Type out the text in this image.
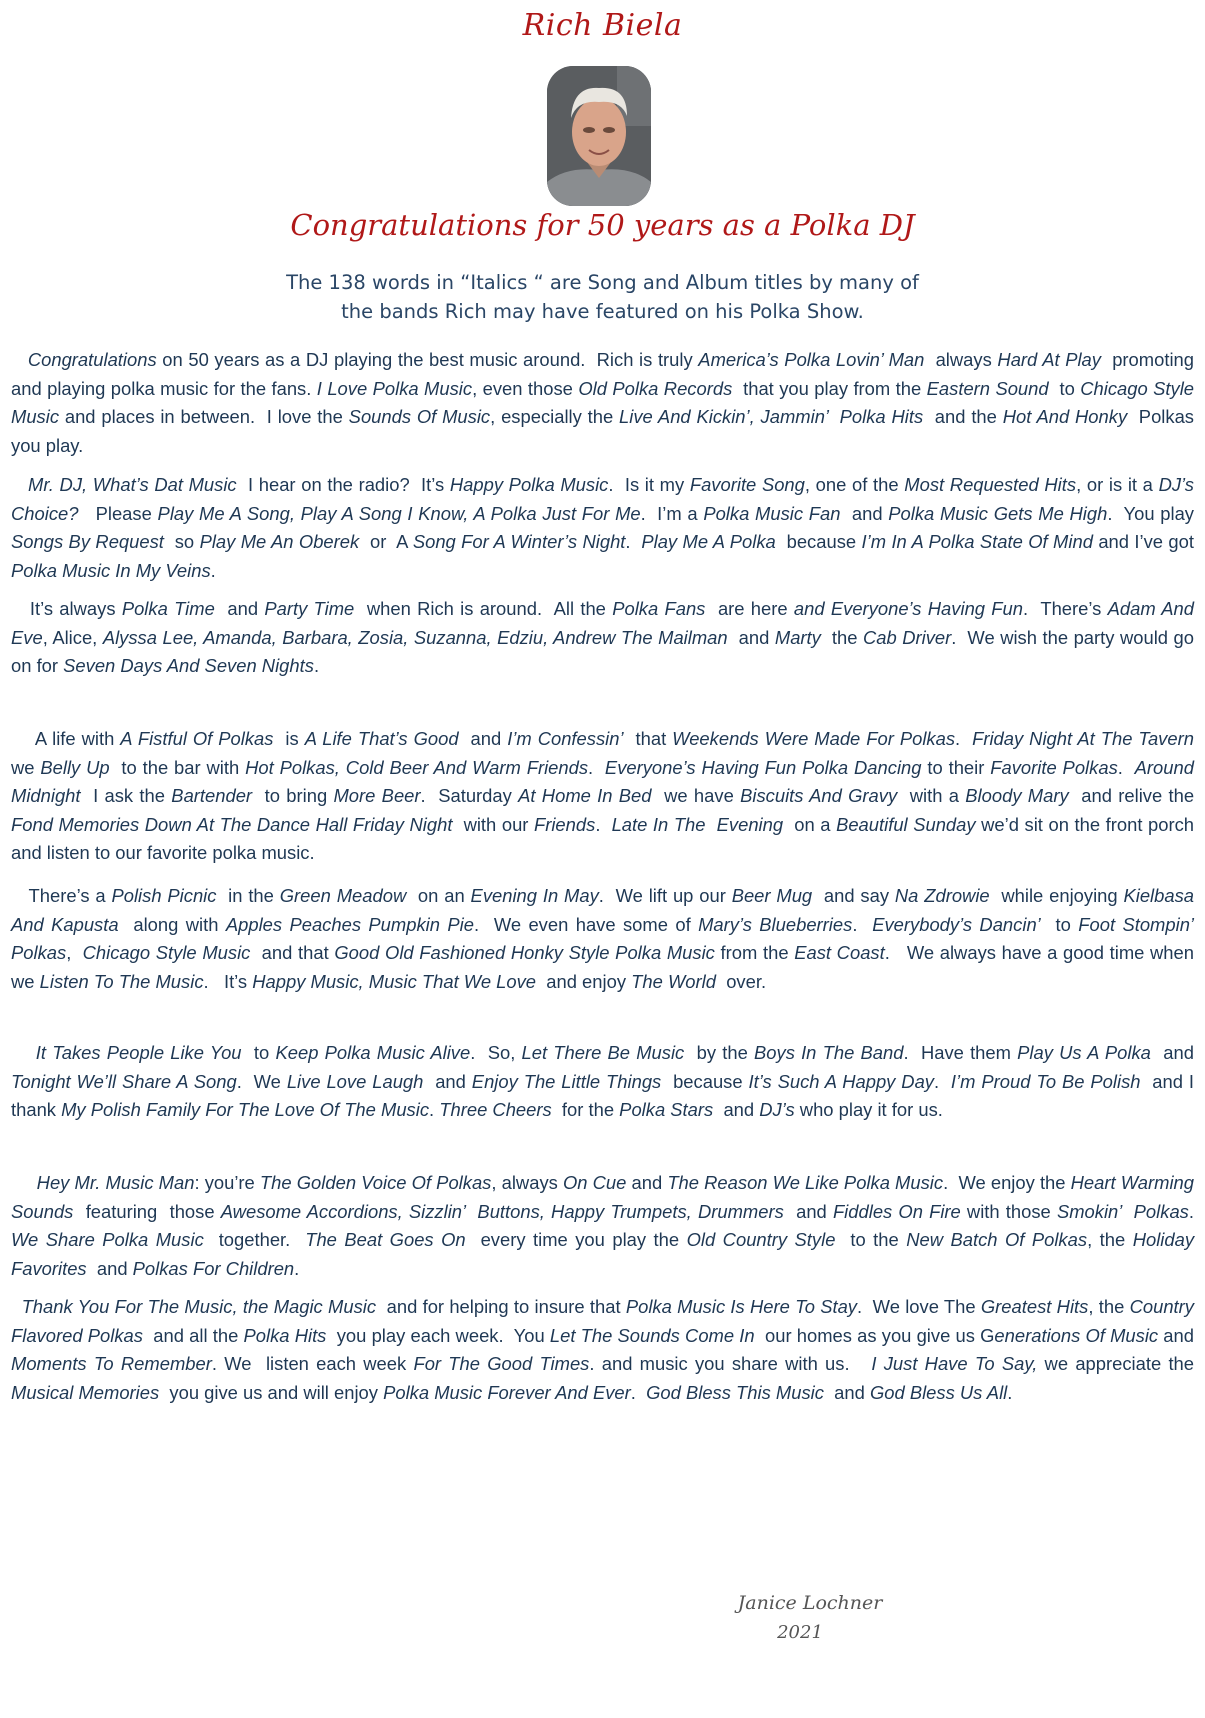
Rich Biela
Congratulations for 50 years as a Polka DJ
The 138 words in “Italics “ are Song and Album titles by many of
the bands Rich may have featured on his Polka Show.
Congratulations on 50 years as a DJ playing the best music around.  Rich is truly America’s Polka Lovin’ Man  always Hard At Play  promoting and playing polka music for the fans. I Love Polka Music, even those Old Polka Records  that you play from the Eastern Sound  to Chicago Style Music and places in between.  I love the Sounds Of Music, especially the Live And Kickin’, Jammin’  Polka Hits  and the Hot And Honky  Polkas  you play.
Mr. DJ, What’s Dat Music  I hear on the radio?  It’s Happy Polka Music.  Is it my Favorite Song, one of the Most Requested Hits, or is it a DJ’s Choice?   Please Play Me A Song, Play A Song I Know, A Polka Just For Me.  I’m a Polka Music Fan  and Polka Music Gets Me High.  You play Songs By Request  so Play Me An Oberek  or  A Song For A Winter’s Night.  Play Me A Polka  because I’m In A Polka State Of Mind and I’ve got Polka Music In My Veins.
It’s always Polka Time  and Party Time  when Rich is around.  All the Polka Fans  are here and Everyone’s Having Fun.  There’s Adam And Eve, Alice, Alyssa Lee, Amanda, Barbara, Zosia, Suzanna, Edziu, Andrew The Mailman  and Marty  the Cab Driver.  We wish the party would go on for Seven Days And Seven Nights.
A life with A Fistful Of Polkas  is A Life That’s Good  and I’m Confessin’  that Weekends Were Made For Polkas.  Friday Night At The Tavern  we Belly Up  to the bar with Hot Polkas, Cold Beer And Warm Friends.  Everyone’s Having Fun Polka Dancing to their Favorite Polkas.  Around Midnight  I ask the Bartender  to bring More Beer.  Saturday At Home In Bed  we have Biscuits And Gravy  with a Bloody Mary  and relive the Fond Memories Down At The Dance Hall Friday Night  with our Friends.  Late In The  Evening  on a Beautiful Sunday we’d sit on the front porch and listen to our favorite polka music.
There’s a Polish Picnic  in the Green Meadow  on an Evening In May.  We lift up our Beer Mug  and say Na Zdrowie  while enjoying Kielbasa And Kapusta  along with Apples Peaches Pumpkin Pie.  We even have some of Mary’s Blueberries.  Everybody’s Dancin’  to Foot Stompin’ Polkas,  Chicago Style Music  and that Good Old Fashioned Honky Style Polka Music from the East Coast.   We always have a good time when we Listen To The Music.   It’s Happy Music, Music That We Love  and enjoy The World  over.
It Takes People Like You  to Keep Polka Music Alive.  So, Let There Be Music  by the Boys In The Band.  Have them Play Us A Polka  and Tonight We’ll Share A Song.  We Live Love Laugh  and Enjoy The Little Things  because It’s Such A Happy Day.  I’m Proud To Be Polish  and I thank My Polish Family For The Love Of The Music. Three Cheers  for the Polka Stars  and DJ’s who play it for us.
Hey Mr. Music Man: you’re The Golden Voice Of Polkas, always On Cue and The Reason We Like Polka Music.  We enjoy the Heart Warming Sounds  featuring  those Awesome Accordions, Sizzlin’  Buttons, Happy Trumpets, Drummers  and Fiddles On Fire with those Smokin’  Polkas.  We Share Polka Music  together.  The Beat Goes On  every time you play the Old Country Style  to the New Batch Of Polkas, the Holiday Favorites  and Polkas For Children.
Thank You For The Music, the Magic Music  and for helping to insure that Polka Music Is Here To Stay.  We love The Greatest Hits, the Country Flavored Polkas  and all the Polka Hits  you play each week.  You Let The Sounds Come In  our homes as you give us Generations Of Music and Moments To Remember. We  listen each week For The Good Times. and music you share with us.   I Just Have To Say, we appreciate the Musical Memories  you give us and will enjoy Polka Music Forever And Ever.  God Bless This Music  and God Bless Us All.
Janice Lochner
2021
